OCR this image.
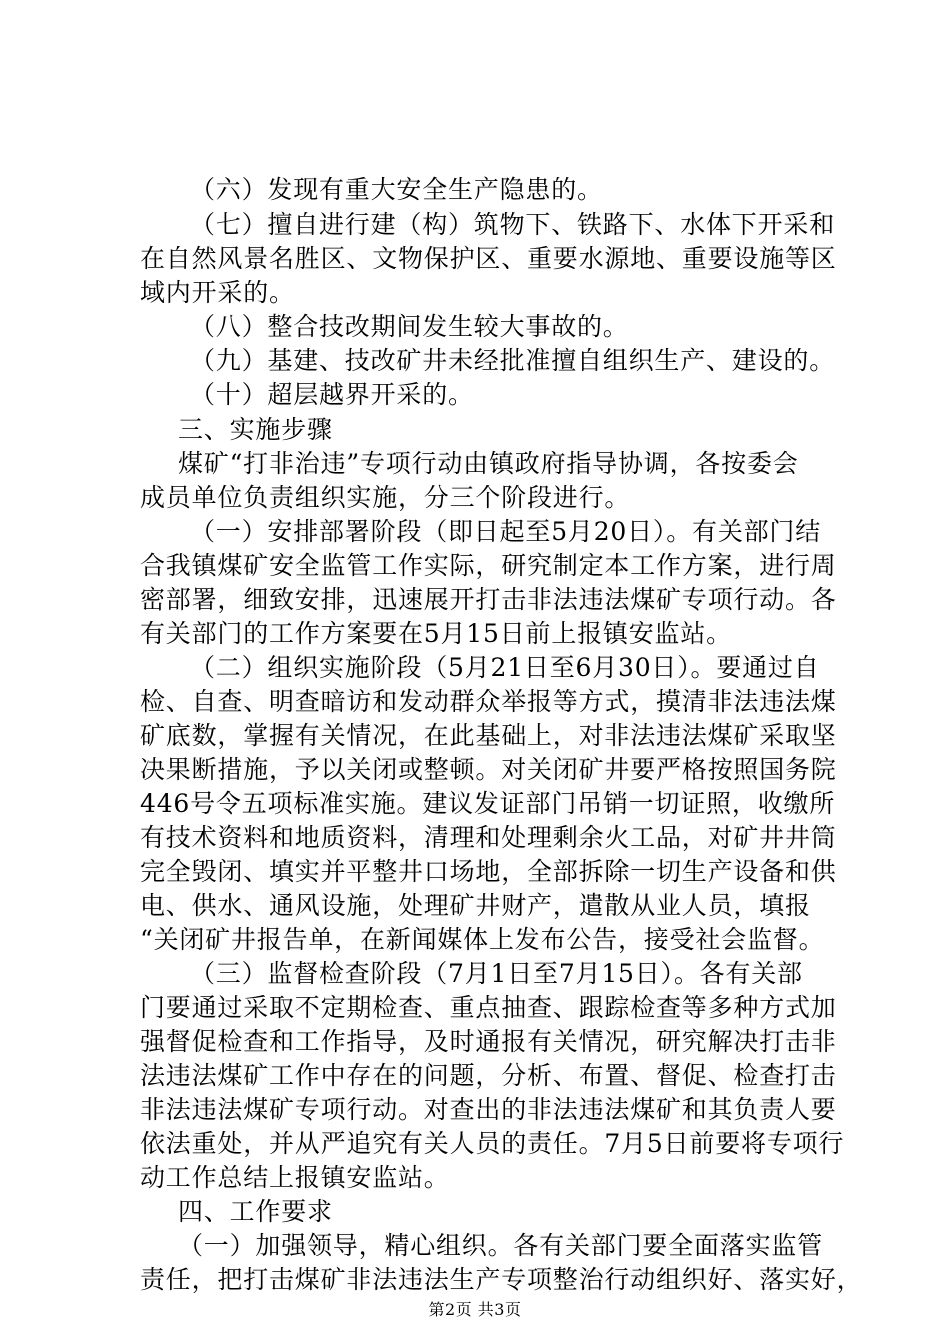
（六）发现有重大安全生产隐患的。
（七）擅自进行建（构）筑物下、铁路下、水体下开采和
在自然风景名胜区、文物保护区、重要水源地、重要设施等区
域内开采的。
（八）整合技改期间发生较大事故的。
（九）基建、技改矿井未经批准擅自组织生产、建设的。
（十）超层越界开采的。
三、实施步骤
煤矿“打非治违”专项行动由镇政府指导协调，各按委会
成员单位负责组织实施，分三个阶段进行。
（一）安排部署阶段（即日起至5月20日）。有关部门结
合我镇煤矿安全监管工作实际，研究制定本工作方案，进行周
密部署，细致安排，迅速展开打击非法违法煤矿专项行动。各
有关部门的工作方案要在5月15日前上报镇安监站。
（二）组织实施阶段（5月21日至6月30日）。要通过自
检、自查、明查暗访和发动群众举报等方式，摸清非法违法煤
矿底数，掌握有关情况，在此基础上，对非法违法煤矿采取坚
决果断措施，予以关闭或整顿。对关闭矿井要严格按照国务院
446号令五项标准实施。建议发证部门吊销一切证照，收缴所
有技术资料和地质资料，清理和处理剩余火工品，对矿井井筒
完全毁闭、填实并平整井口场地，全部拆除一切生产设备和供
电、供水、通风设施，处理矿井财产，遣散从业人员，填报
“关闭矿井报告单，在新闻媒体上发布公告，接受社会监督。
（三）监督检查阶段（7月1日至7月15日）。各有关部
门要通过采取不定期检查、重点抽查、跟踪检查等多种方式加
强督促检查和工作指导，及时通报有关情况，研究解决打击非
法违法煤矿工作中存在的问题，分析、布置、督促、检查打击
非法违法煤矿专项行动。对查出的非法违法煤矿和其负责人要
依法重处，并从严追究有关人员的责任。7月5日前要将专项行
动工作总结上报镇安监站。
四、工作要求
（一）加强领导，精心组织。各有关部门要全面落实监管
责任，把打击煤矿非法违法生产专项整治行动组织好、落实好，
第2页 共3页
